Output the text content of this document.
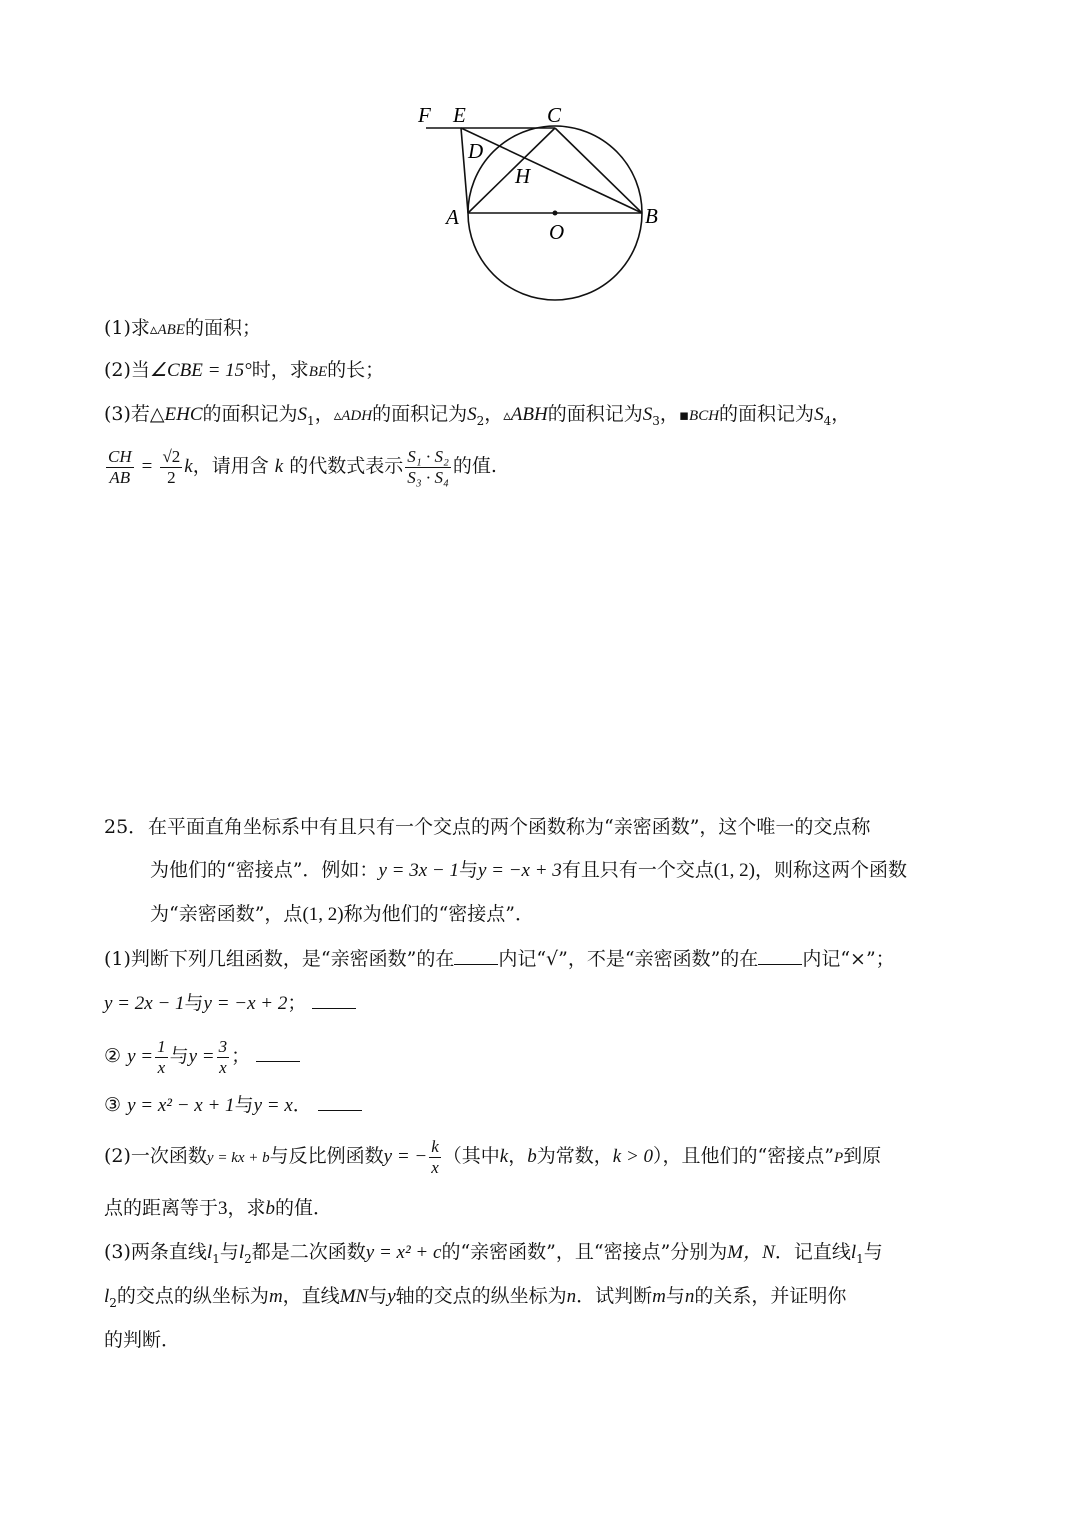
F E	C
D
H
A	B
O
(1)求▵ABE的面积；
(2)当∠CBE = 15°时，求BE的长；
(3)若△EHC的面积记为$S_1$，▵ADH的面积记为$S_2$，▵ABH的面积记为$S_3$，▪BCH的面积记为$S_4$，
$\frac{CH}{AB} = \frac{√2}{2}$ k，请用含 k 的代数式表示 $\frac{\text{S₁ · S₂}}{\text{S₃ · S₄}}$ 的值.
25． 在平面直角坐标系中有且只有一个交点的两个函数称为“亲密函数”，这个唯一的交点称
为他们的“密接点”．例如：y = 3x − 1与y = −x + 3有且只有一个交点(1, 2)，则称这两个函数
为“亲密函数”，点(1, 2)称为他们的“密接点”．
(1)判断下列几组函数，是“亲密函数”的在 内记“√”，不是“亲密函数”的在 内记“×”；
y = 2x − 1与y = −x + 2；
② $y = \frac{1}{x}$ 与$y = \frac{3}{x}$ ；
③ y = x² − x + 1与y = x．
(2)一次函数y = kx + b与反比例函数y = − $\frac{k}{x}$ （其中k，b为常数，k > 0），且他们的“密接点”P到原
点的距离等于3，求b的值．
(3)两条直线$l_1$与$l_2$都是二次函数y = x² + c的“亲密函数”，且“密接点”分别为M，N．记直线$l_1$与
$l_2$的交点的纵坐标为m，直线MN与y轴的交点的纵坐标为n．试判断m与n的关系，并证明你
的判断．
